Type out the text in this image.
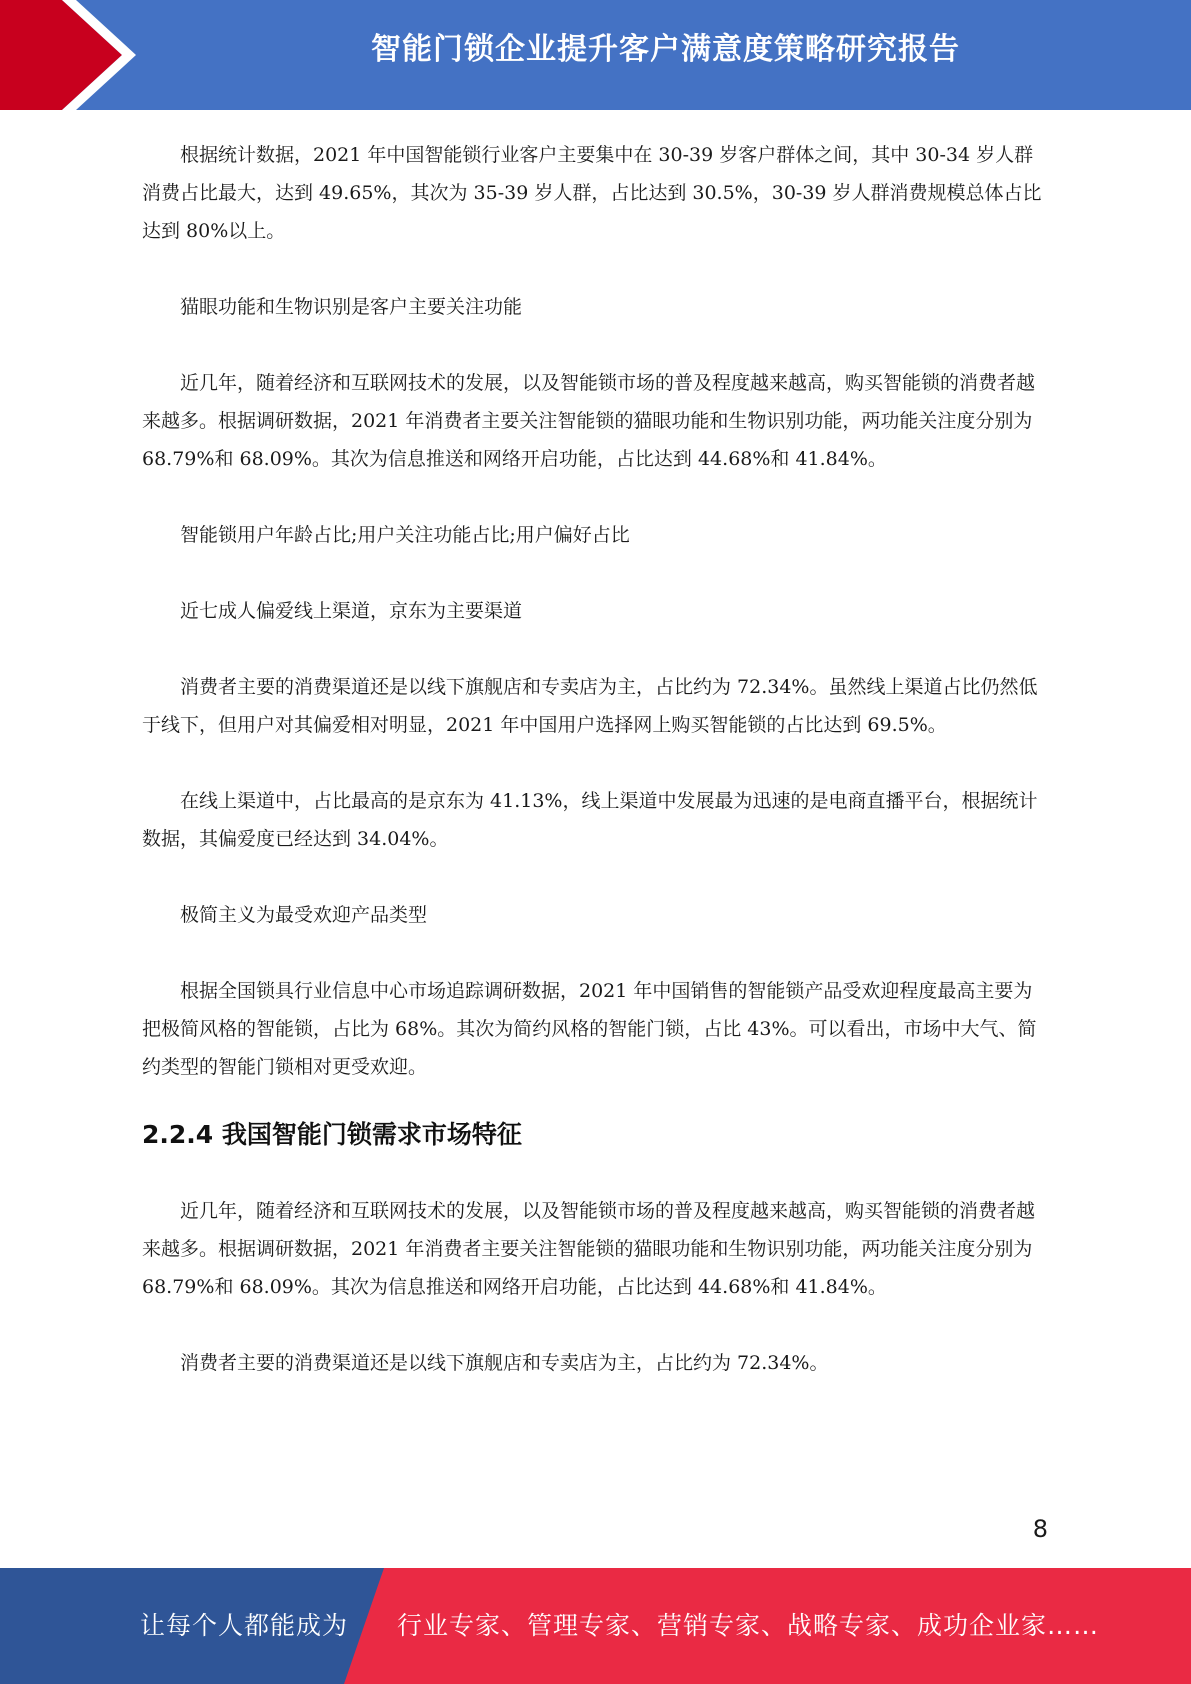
智能门锁企业提升客户满意度策略研究报告

根据统计数据，2021 年中国智能锁行业客户主要集中在 30-39 岁客户群体之间，其中 30-34 岁人群消费占比最大，达到 49.65%，其次为 35-39 岁人群，占比达到 30.5%，30-39 岁人群消费规模总体占比达到 80%以上。

猫眼功能和生物识别是客户主要关注功能

近几年，随着经济和互联网技术的发展，以及智能锁市场的普及程度越来越高，购买智能锁的消费者越来越多。根据调研数据，2021 年消费者主要关注智能锁的猫眼功能和生物识别功能，两功能关注度分别为 68.79%和 68.09%。其次为信息推送和网络开启功能，占比达到 44.68%和 41.84%。

智能锁用户年龄占比;用户关注功能占比;用户偏好占比

近七成人偏爱线上渠道，京东为主要渠道

消费者主要的消费渠道还是以线下旗舰店和专卖店为主，占比约为 72.34%。虽然线上渠道占比仍然低于线下，但用户对其偏爱相对明显，2021 年中国用户选择网上购买智能锁的占比达到 69.5%。

在线上渠道中，占比最高的是京东为 41.13%，线上渠道中发展最为迅速的是电商直播平台，根据统计数据，其偏爱度已经达到 34.04%。

极简主义为最受欢迎产品类型

根据全国锁具行业信息中心市场追踪调研数据，2021 年中国销售的智能锁产品受欢迎程度最高主要为把极简风格的智能锁，占比为 68%。其次为简约风格的智能门锁，占比 43%。可以看出，市场中大气、简约类型的智能门锁相对更受欢迎。

2.2.4 我国智能门锁需求市场特征

近几年，随着经济和互联网技术的发展，以及智能锁市场的普及程度越来越高，购买智能锁的消费者越来越多。根据调研数据，2021 年消费者主要关注智能锁的猫眼功能和生物识别功能，两功能关注度分别为 68.79%和 68.09%。其次为信息推送和网络开启功能，占比达到 44.68%和 41.84%。

消费者主要的消费渠道还是以线下旗舰店和专卖店为主，占比约为 72.34%。

8
让每个人都能成为 行业专家、管理专家、营销专家、战略专家、成功企业家……
